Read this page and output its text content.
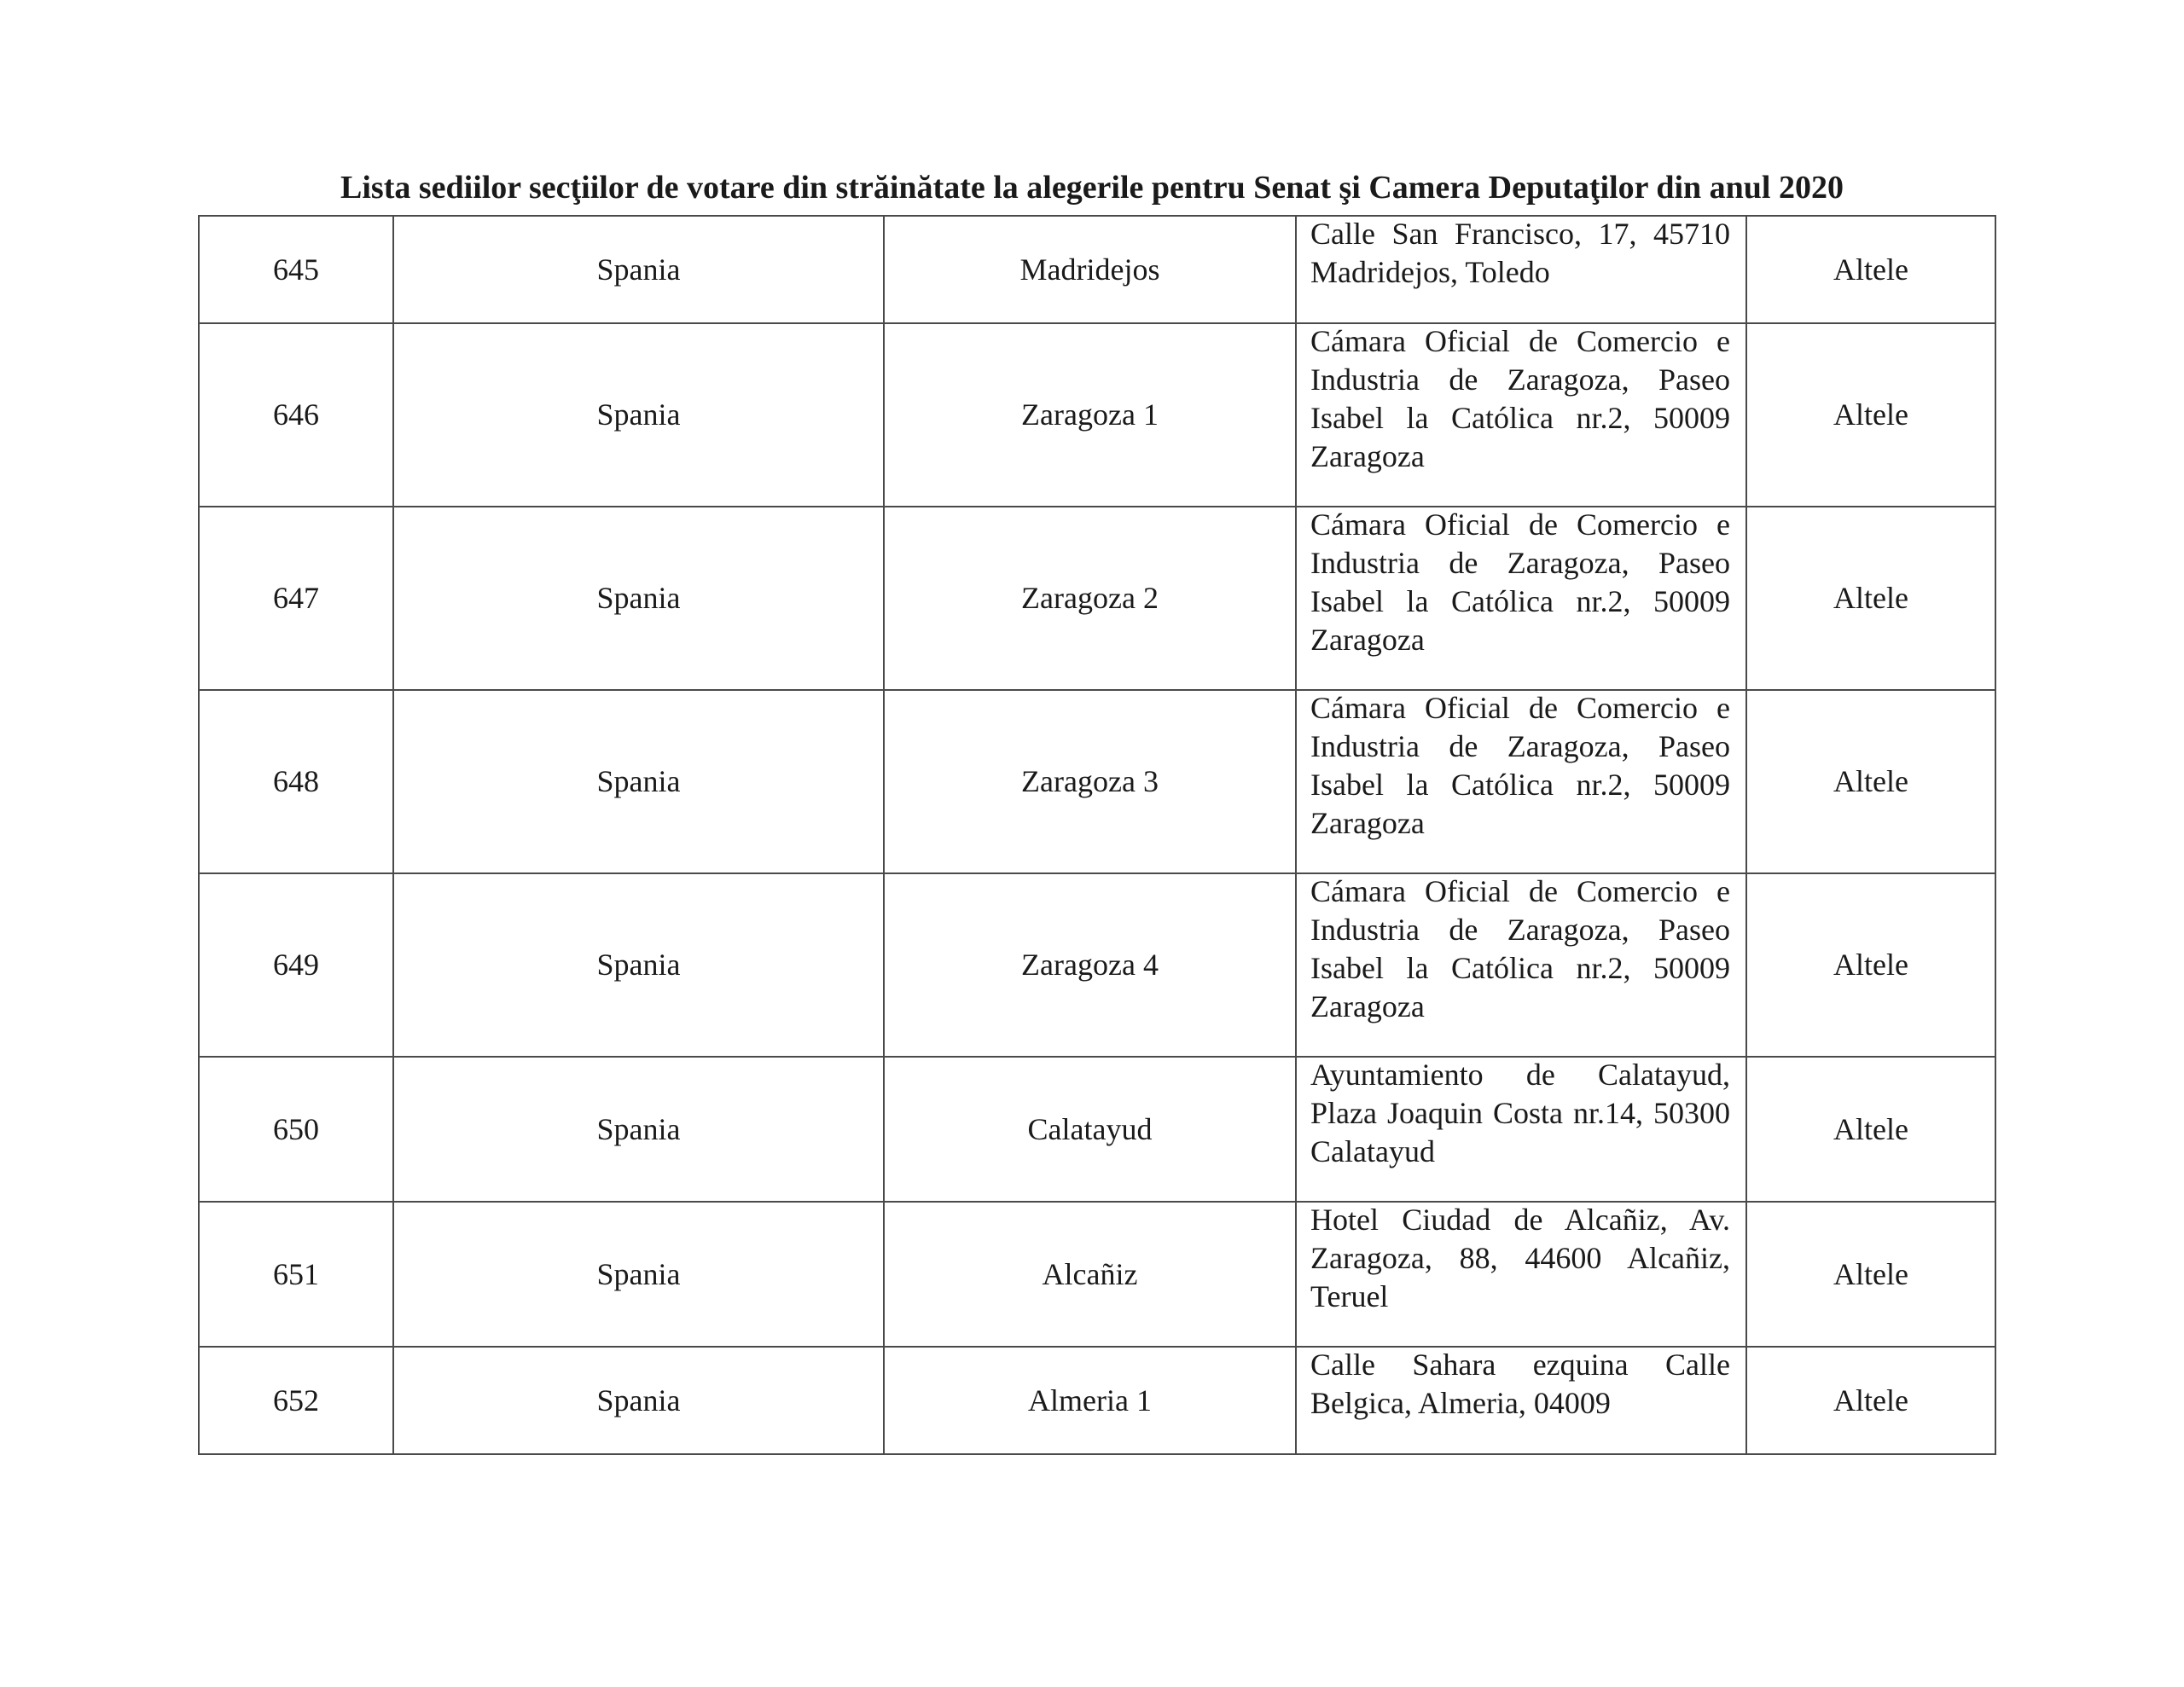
Lista sediilor secţiilor de votare din străinătate la alegerile pentru Senat şi Camera Deputaţilor din anul 2020
645	Spania	Madridejos	Calle San Francisco, 17, 45710 Madridejos, Toledo	Altele

646	Spania	Zaragoza 1	Cámara Oficial de Comercio e Industria de Zaragoza, Paseo Isabel la Católica nr.2, 50009 Zaragoza	Altele

647	Spania	Zaragoza 2	Cámara Oficial de Comercio e Industria de Zaragoza, Paseo Isabel la Católica nr.2, 50009 Zaragoza	Altele

648	Spania	Zaragoza 3	Cámara Oficial de Comercio e Industria de Zaragoza, Paseo Isabel la Católica nr.2, 50009 Zaragoza	Altele

649	Spania	Zaragoza 4	Cámara Oficial de Comercio e Industria de Zaragoza, Paseo Isabel la Católica nr.2, 50009 Zaragoza	Altele

650	Spania	Calatayud	Ayuntamiento de Calatayud, Plaza Joaquin Costa nr.14, 50300 Calatayud	Altele

651	Spania	Alcañiz	Hotel Ciudad de Alcañiz, Av. Zaragoza, 88, 44600 Alcañiz, Teruel	Altele

652	Spania	Almeria 1	Calle Sahara ezquina Calle Belgica, Almeria, 04009	Altele
